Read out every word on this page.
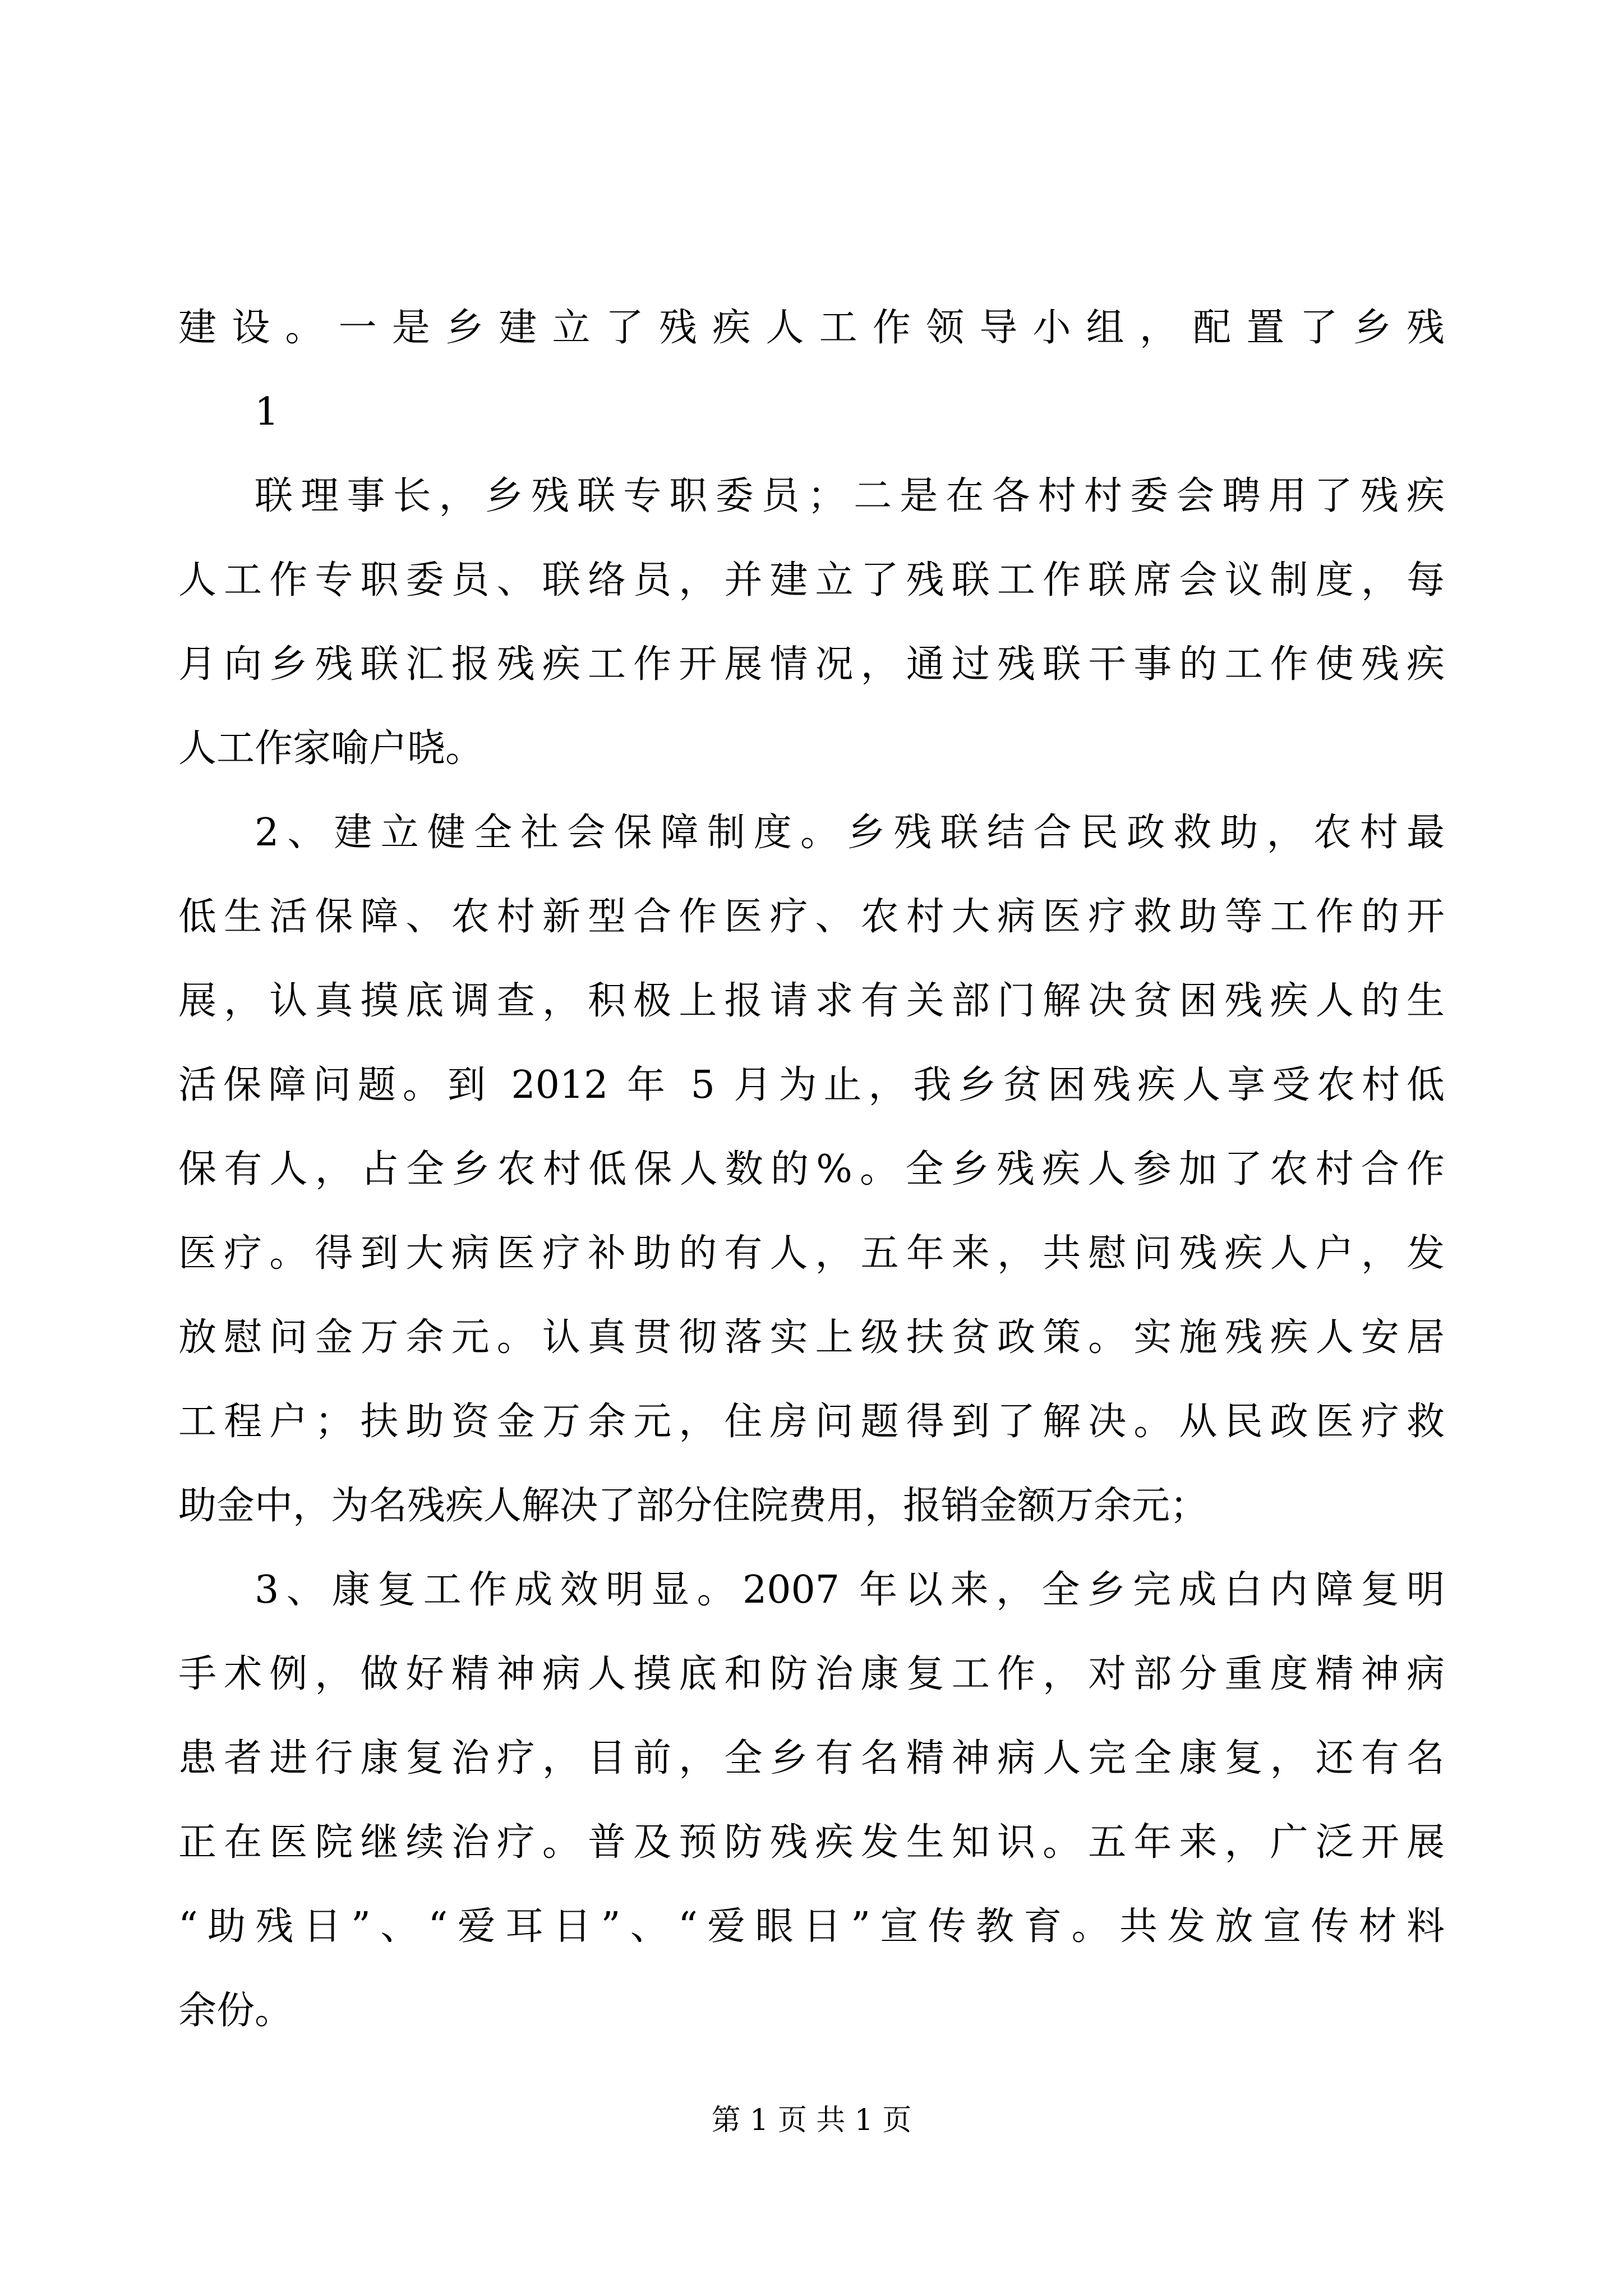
建设。一是乡建立了残疾人工作领导小组，配置了乡残
1
联理事长，乡残联专职委员；二是在各村村委会聘用了残疾
人工作专职委员、联络员，并建立了残联工作联席会议制度，每
月向乡残联汇报残疾工作开展情况，通过残联干事的工作使残疾
人工作家喻户晓。
2、建立健全社会保障制度。乡残联结合民政救助，农村最
低生活保障、农村新型合作医疗、农村大病医疗救助等工作的开
展，认真摸底调查，积极上报请求有关部门解决贫困残疾人的生
活保障问题。到 2012 年 5 月为止，我乡贫困残疾人享受农村低
保有人，占全乡农村低保人数的%。全乡残疾人参加了农村合作
医疗。得到大病医疗补助的有人，五年来，共慰问残疾人户，发
放慰问金万余元。认真贯彻落实上级扶贫政策。实施残疾人安居
工程户；扶助资金万余元，住房问题得到了解决。从民政医疗救
助金中，为名残疾人解决了部分住院费用，报销金额万余元；
3、康复工作成效明显。2007 年以来，全乡完成白内障复明
手术例，做好精神病人摸底和防治康复工作，对部分重度精神病
患者进行康复治疗，目前，全乡有名精神病人完全康复，还有名
正在医院继续治疗。普及预防残疾发生知识。五年来，广泛开展
“助残日”、“爱耳日”、“爱眼日”宣传教育。共发放宣传材料
余份。
第 1 页 共 1 页
